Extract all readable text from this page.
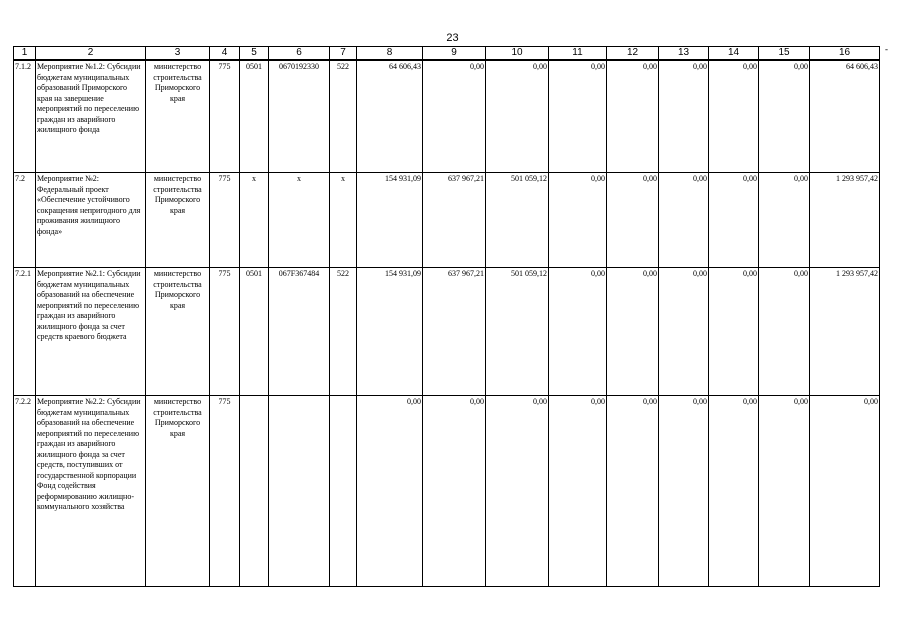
23
-
1	2	3	4	5	6	7	8	9	10	11	12	13	14	15	16
7.1.2	Мероприятие №1.2: Субсидии бюджетам муниципальных образований Приморского края на завершение мероприятий по переселению граждан из аварийного жилищного фонда	министерство строительства Приморского края	775	0501	0670192330	522	64 606,43	0,00	0,00	0,00	0,00	0,00	0,00	0,00	64 606,43
7.2	Мероприятие №2: Федеральный проект «Обеспечение устойчивого сокращения непригодного для проживания жилищного фонда»	министерство строительства Приморского края	775	х	х	х	154 931,09	637 967,21	501 059,12	0,00	0,00	0,00	0,00	0,00	1 293 957,42
7.2.1	Мероприятие №2.1: Субсидии бюджетам муниципальных образований на обеспечение мероприятий по переселению граждан из аварийного жилищного фонда за счет средств краевого бюджета	министерство строительства Приморского края	775	0501	067F367484	522	154 931,09	637 967,21	501 059,12	0,00	0,00	0,00	0,00	0,00	1 293 957,42
7.2.2	Мероприятие №2.2: Субсидии бюджетам муниципальных образований на обеспечение мероприятий по переселению граждан из аварийного жилищного фонда за счет средств, поступивших от государственной корпорации Фонд содействия реформированию жилищно-коммунального хозяйства	министерство строительства Приморского края	775				0,00	0,00	0,00	0,00	0,00	0,00	0,00	0,00	0,00
